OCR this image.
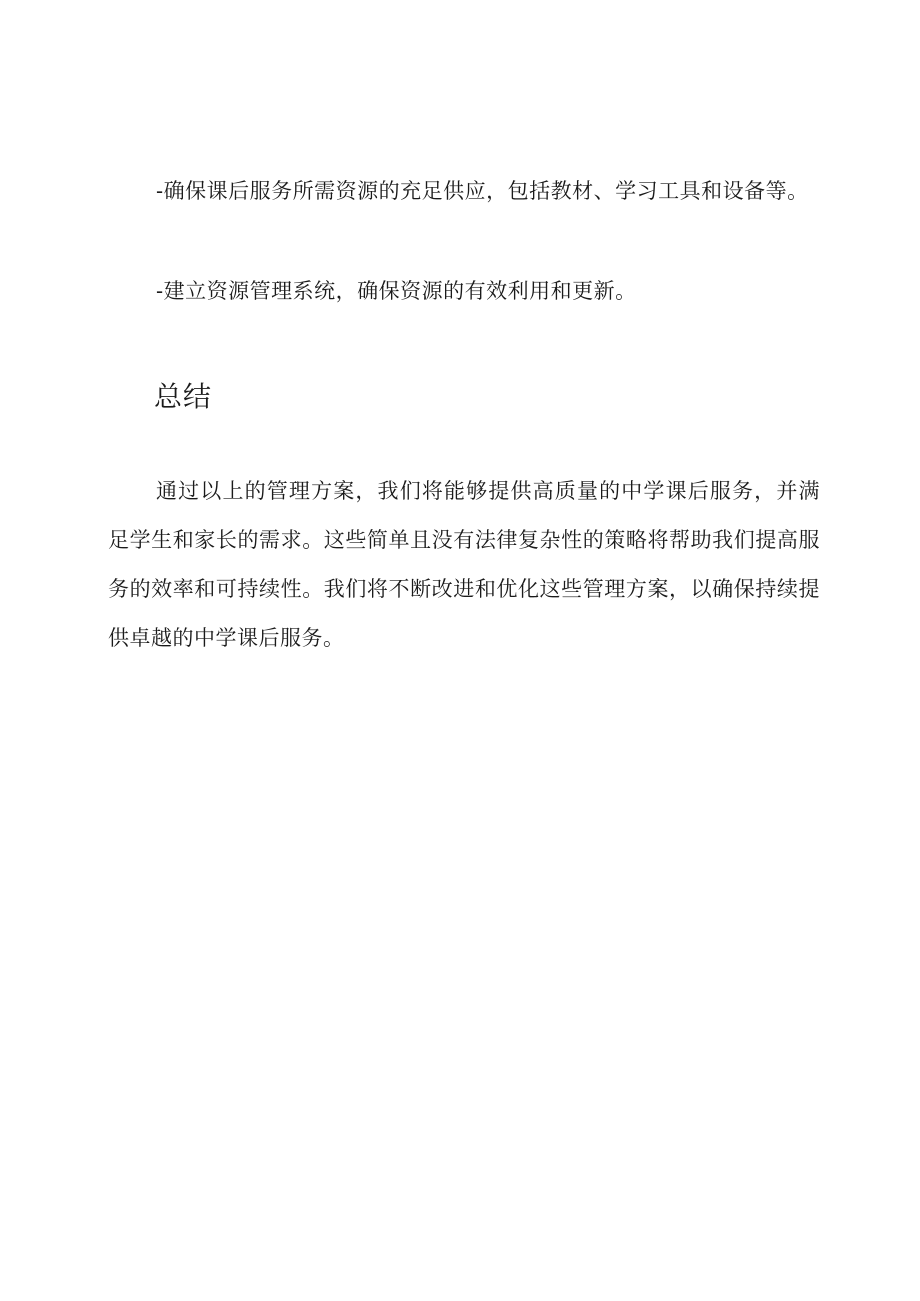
-确保课后服务所需资源的充足供应，包括教材、学习工具和设备等。

-建立资源管理系统，确保资源的有效利用和更新。

总结

通过以上的管理方案，我们将能够提供高质量的中学课后服务，并满足学生和家长的需求。这些简单且没有法律复杂性的策略将帮助我们提高服务的效率和可持续性。我们将不断改进和优化这些管理方案，以确保持续提供卓越的中学课后服务。
